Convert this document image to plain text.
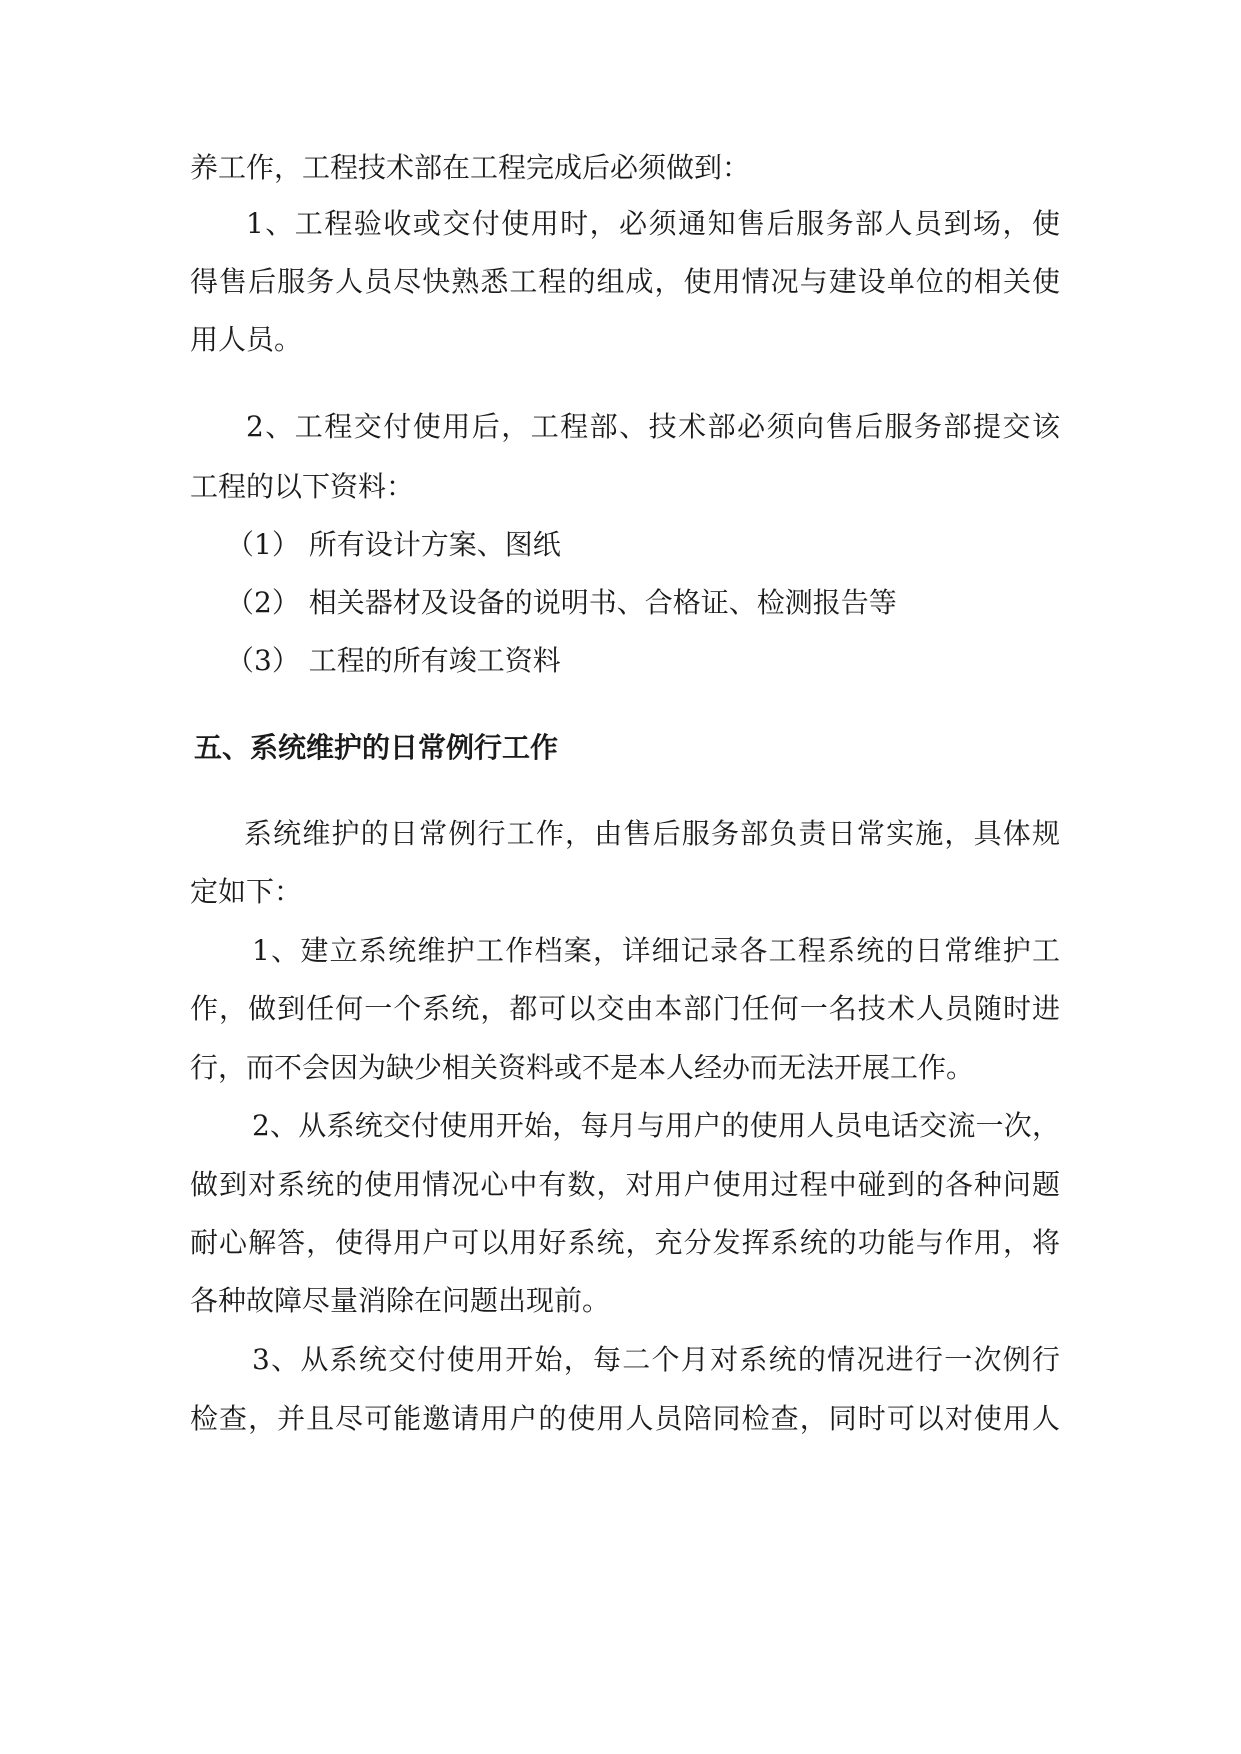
养工作，工程技术部在工程完成后必须做到：
1、工程验收或交付使用时，必须通知售后服务部人员到场，使
得售后服务人员尽快熟悉工程的组成，使用情况与建设单位的相关使
用人员。
2、工程交付使用后，工程部、技术部必须向售后服务部提交该
工程的以下资料：
（1） 所有设计方案、图纸
（2） 相关器材及设备的说明书、合格证、检测报告等
（3） 工程的所有竣工资料
五、系统维护的日常例行工作
系统维护的日常例行工作，由售后服务部负责日常实施，具体规
定如下：
1、建立系统维护工作档案，详细记录各工程系统的日常维护工
作，做到任何一个系统，都可以交由本部门任何一名技术人员随时进
行，而不会因为缺少相关资料或不是本人经办而无法开展工作。
2、从系统交付使用开始，每月与用户的使用人员电话交流一次，
做到对系统的使用情况心中有数，对用户使用过程中碰到的各种问题
耐心解答，使得用户可以用好系统，充分发挥系统的功能与作用，将
各种故障尽量消除在问题出现前。
3、从系统交付使用开始，每二个月对系统的情况进行一次例行
检查，并且尽可能邀请用户的使用人员陪同检查，同时可以对使用人
